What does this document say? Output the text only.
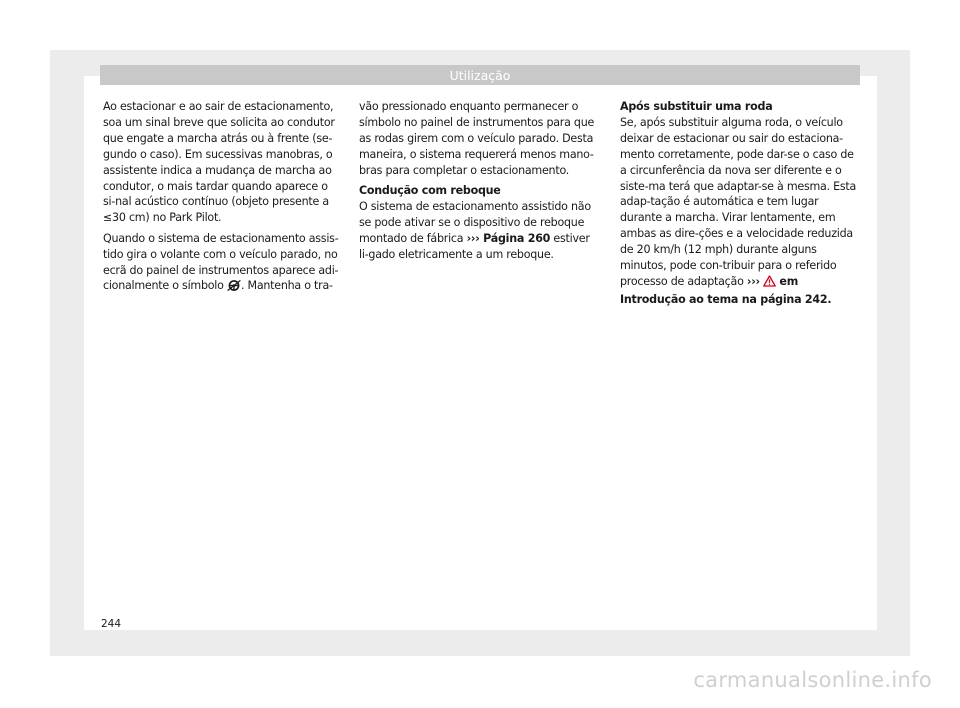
Utilização

Ao estacionar e ao sair de estacionamento, soa um sinal breve que solicita ao condutor que engate a marcha atrás ou à frente (se-gundo o caso). Em sucessivas manobras, o assistente indica a mudança de marcha ao condutor, o mais tardar quando aparece o si-nal acústico contínuo (objeto presente a ≤30 cm) no Park Pilot.

Quando o sistema de estacionamento assis-tido gira o volante com o veículo parado, no ecrã do painel de instrumentos aparece adi-cionalmente o símbolo . Mantenha o tra-

vão pressionado enquanto permanecer o símbolo no painel de instrumentos para que as rodas girem com o veículo parado. Desta maneira, o sistema requererá menos mano-bras para completar o estacionamento.

Condução com reboque

O sistema de estacionamento assistido não se pode ativar se o dispositivo de reboque montado de fábrica ››› Página 260 estiver li-gado eletricamente a um reboque.

Após substituir uma roda

Se, após substituir alguma roda, o veículo deixar de estacionar ou sair do estaciona-mento corretamente, pode dar-se o caso de a circunferência da nova ser diferente e o siste-ma terá que adaptar-se à mesma. Esta adap-tação é automática e tem lugar durante a marcha. Virar lentamente, em ambas as dire-ções e a velocidade reduzida de 20 km/h (12 mph) durante alguns minutos, pode con-tribuir para o referido processo de adaptação ››› em Introdução ao tema na página 242.

244
carmanualsonline.info
